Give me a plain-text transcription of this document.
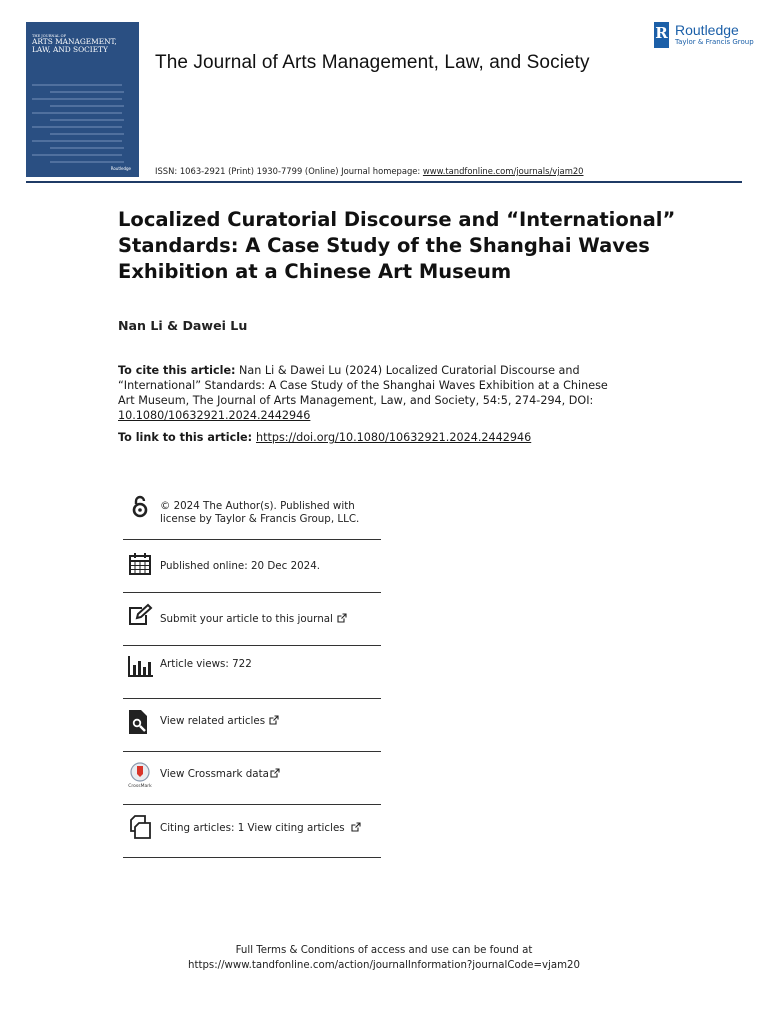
THE JOURNAL OF
ARTS MANAGEMENT, LAW, AND SOCIETY
Routledge
The Journal of Arts Management, Law, and Society
R Routledge
Taylor & Francis Group
ISSN: 1063-2921 (Print) 1930-7799 (Online) Journal homepage: www.tandfonline.com/journals/vjam20
Localized Curatorial Discourse and “International” Standards: A Case Study of the Shanghai Waves Exhibition at a Chinese Art Museum
Nan Li & Dawei Lu
To cite this article: Nan Li & Dawei Lu (2024) Localized Curatorial Discourse and “International” Standards: A Case Study of the Shanghai Waves Exhibition at a Chinese Art Museum, The Journal of Arts Management, Law, and Society, 54:5, 274-294, DOI: 10.1080/10632921.2024.2442946
To link to this article: https://doi.org/10.1080/10632921.2024.2442946
© 2024 The Author(s). Published with
license by Taylor & Francis Group, LLC.
Published online: 20 Dec 2024.
Submit your article to this journal
Article views: 722
View related articles
CrossMark
View Crossmark data
Citing articles: 1 View citing articles
Full Terms & Conditions of access and use can be found at
https://www.tandfonline.com/action/journalInformation?journalCode=vjam20
